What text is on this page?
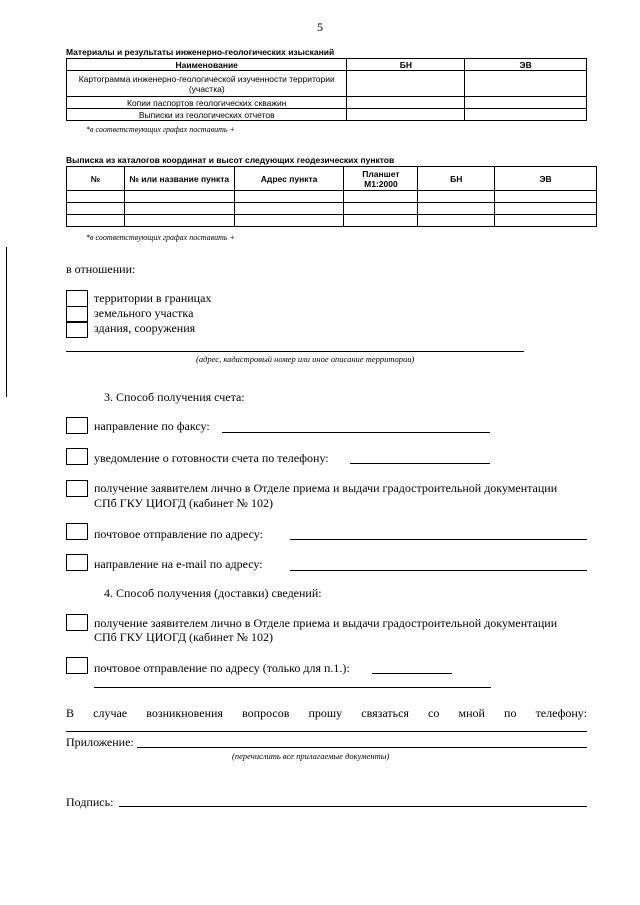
5
Материалы и результаты инженерно-геологических изысканий
Наименование	БН	ЭВ
Картограмма инженерно-геологической изученности территории (участка)		
Копии паспортов геологических скважин		
Выписки из геологических отчетов		
*в соответствующих графах поставить +
Выписка из каталогов координат и высот следующих геодезических пунктов
№	№ или название пункта	Адрес пункта	Планшет М1:2000	БН	ЭВ

*в соответствующих графах поставить +
в отношении:
территории в границах
земельного участка
здания, сооружения
(адрес, кадастровый номер или иное описание территории)
3. Способ получения счета:
направление по факсу:
уведомление о готовности счета по телефону:
получение заявителем лично в Отделе приема и выдачи градостроительной документации
СПб ГКУ ЦИОГД (кабинет № 102)
почтовое отправление по адресу:
направление на e-mail по адресу:
4. Способ получения (доставки) сведений:
получение заявителем лично в Отделе приема и выдачи градостроительной документации
СПб ГКУ ЦИОГД (кабинет № 102)
почтовое отправление по адресу (только для п.1.):
В случае возникновения вопросов прошу связаться со мной по телефону:
Приложение:
(перечислить все прилагаемые документы)
Подпись:
